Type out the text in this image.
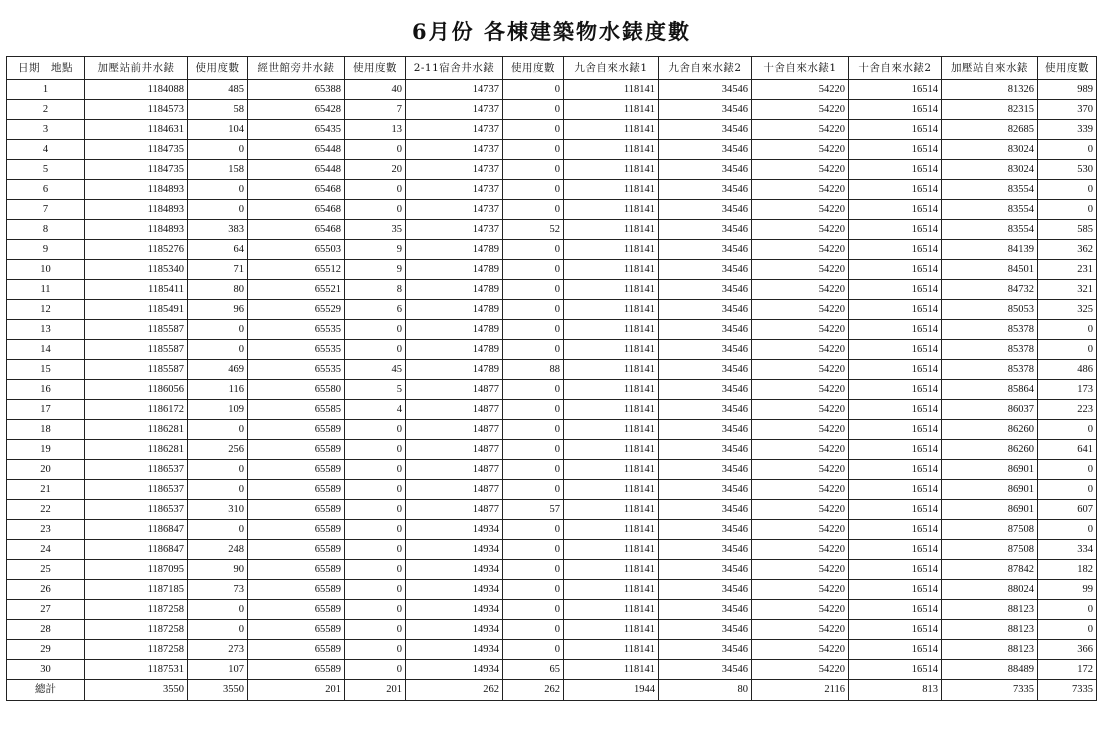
6月份 各棟建築物水錶度數
日期　地點	加壓站前井水錶	使用度數	經世館旁井水錶	使用度數	2-11宿舍井水錶	使用度數	九舍自來水錶1	九舍自來水錶2	十舍自來水錶1	十舍自來水錶2	加壓站自來水錶	使用度數
1	1184088	485	65388	40	14737	0	118141	34546	54220	16514	81326	989
2	1184573	58	65428	7	14737	0	118141	34546	54220	16514	82315	370
3	1184631	104	65435	13	14737	0	118141	34546	54220	16514	82685	339
4	1184735	0	65448	0	14737	0	118141	34546	54220	16514	83024	0
5	1184735	158	65448	20	14737	0	118141	34546	54220	16514	83024	530
6	1184893	0	65468	0	14737	0	118141	34546	54220	16514	83554	0
7	1184893	0	65468	0	14737	0	118141	34546	54220	16514	83554	0
8	1184893	383	65468	35	14737	52	118141	34546	54220	16514	83554	585
9	1185276	64	65503	9	14789	0	118141	34546	54220	16514	84139	362
10	1185340	71	65512	9	14789	0	118141	34546	54220	16514	84501	231
11	1185411	80	65521	8	14789	0	118141	34546	54220	16514	84732	321
12	1185491	96	65529	6	14789	0	118141	34546	54220	16514	85053	325
13	1185587	0	65535	0	14789	0	118141	34546	54220	16514	85378	0
14	1185587	0	65535	0	14789	0	118141	34546	54220	16514	85378	0
15	1185587	469	65535	45	14789	88	118141	34546	54220	16514	85378	486
16	1186056	116	65580	5	14877	0	118141	34546	54220	16514	85864	173
17	1186172	109	65585	4	14877	0	118141	34546	54220	16514	86037	223
18	1186281	0	65589	0	14877	0	118141	34546	54220	16514	86260	0
19	1186281	256	65589	0	14877	0	118141	34546	54220	16514	86260	641
20	1186537	0	65589	0	14877	0	118141	34546	54220	16514	86901	0
21	1186537	0	65589	0	14877	0	118141	34546	54220	16514	86901	0
22	1186537	310	65589	0	14877	57	118141	34546	54220	16514	86901	607
23	1186847	0	65589	0	14934	0	118141	34546	54220	16514	87508	0
24	1186847	248	65589	0	14934	0	118141	34546	54220	16514	87508	334
25	1187095	90	65589	0	14934	0	118141	34546	54220	16514	87842	182
26	1187185	73	65589	0	14934	0	118141	34546	54220	16514	88024	99
27	1187258	0	65589	0	14934	0	118141	34546	54220	16514	88123	0
28	1187258	0	65589	0	14934	0	118141	34546	54220	16514	88123	0
29	1187258	273	65589	0	14934	0	118141	34546	54220	16514	88123	366
30	1187531	107	65589	0	14934	65	118141	34546	54220	16514	88489	172
總計	3550	3550	201	201	262	262	1944	80	2116	813	7335	7335
